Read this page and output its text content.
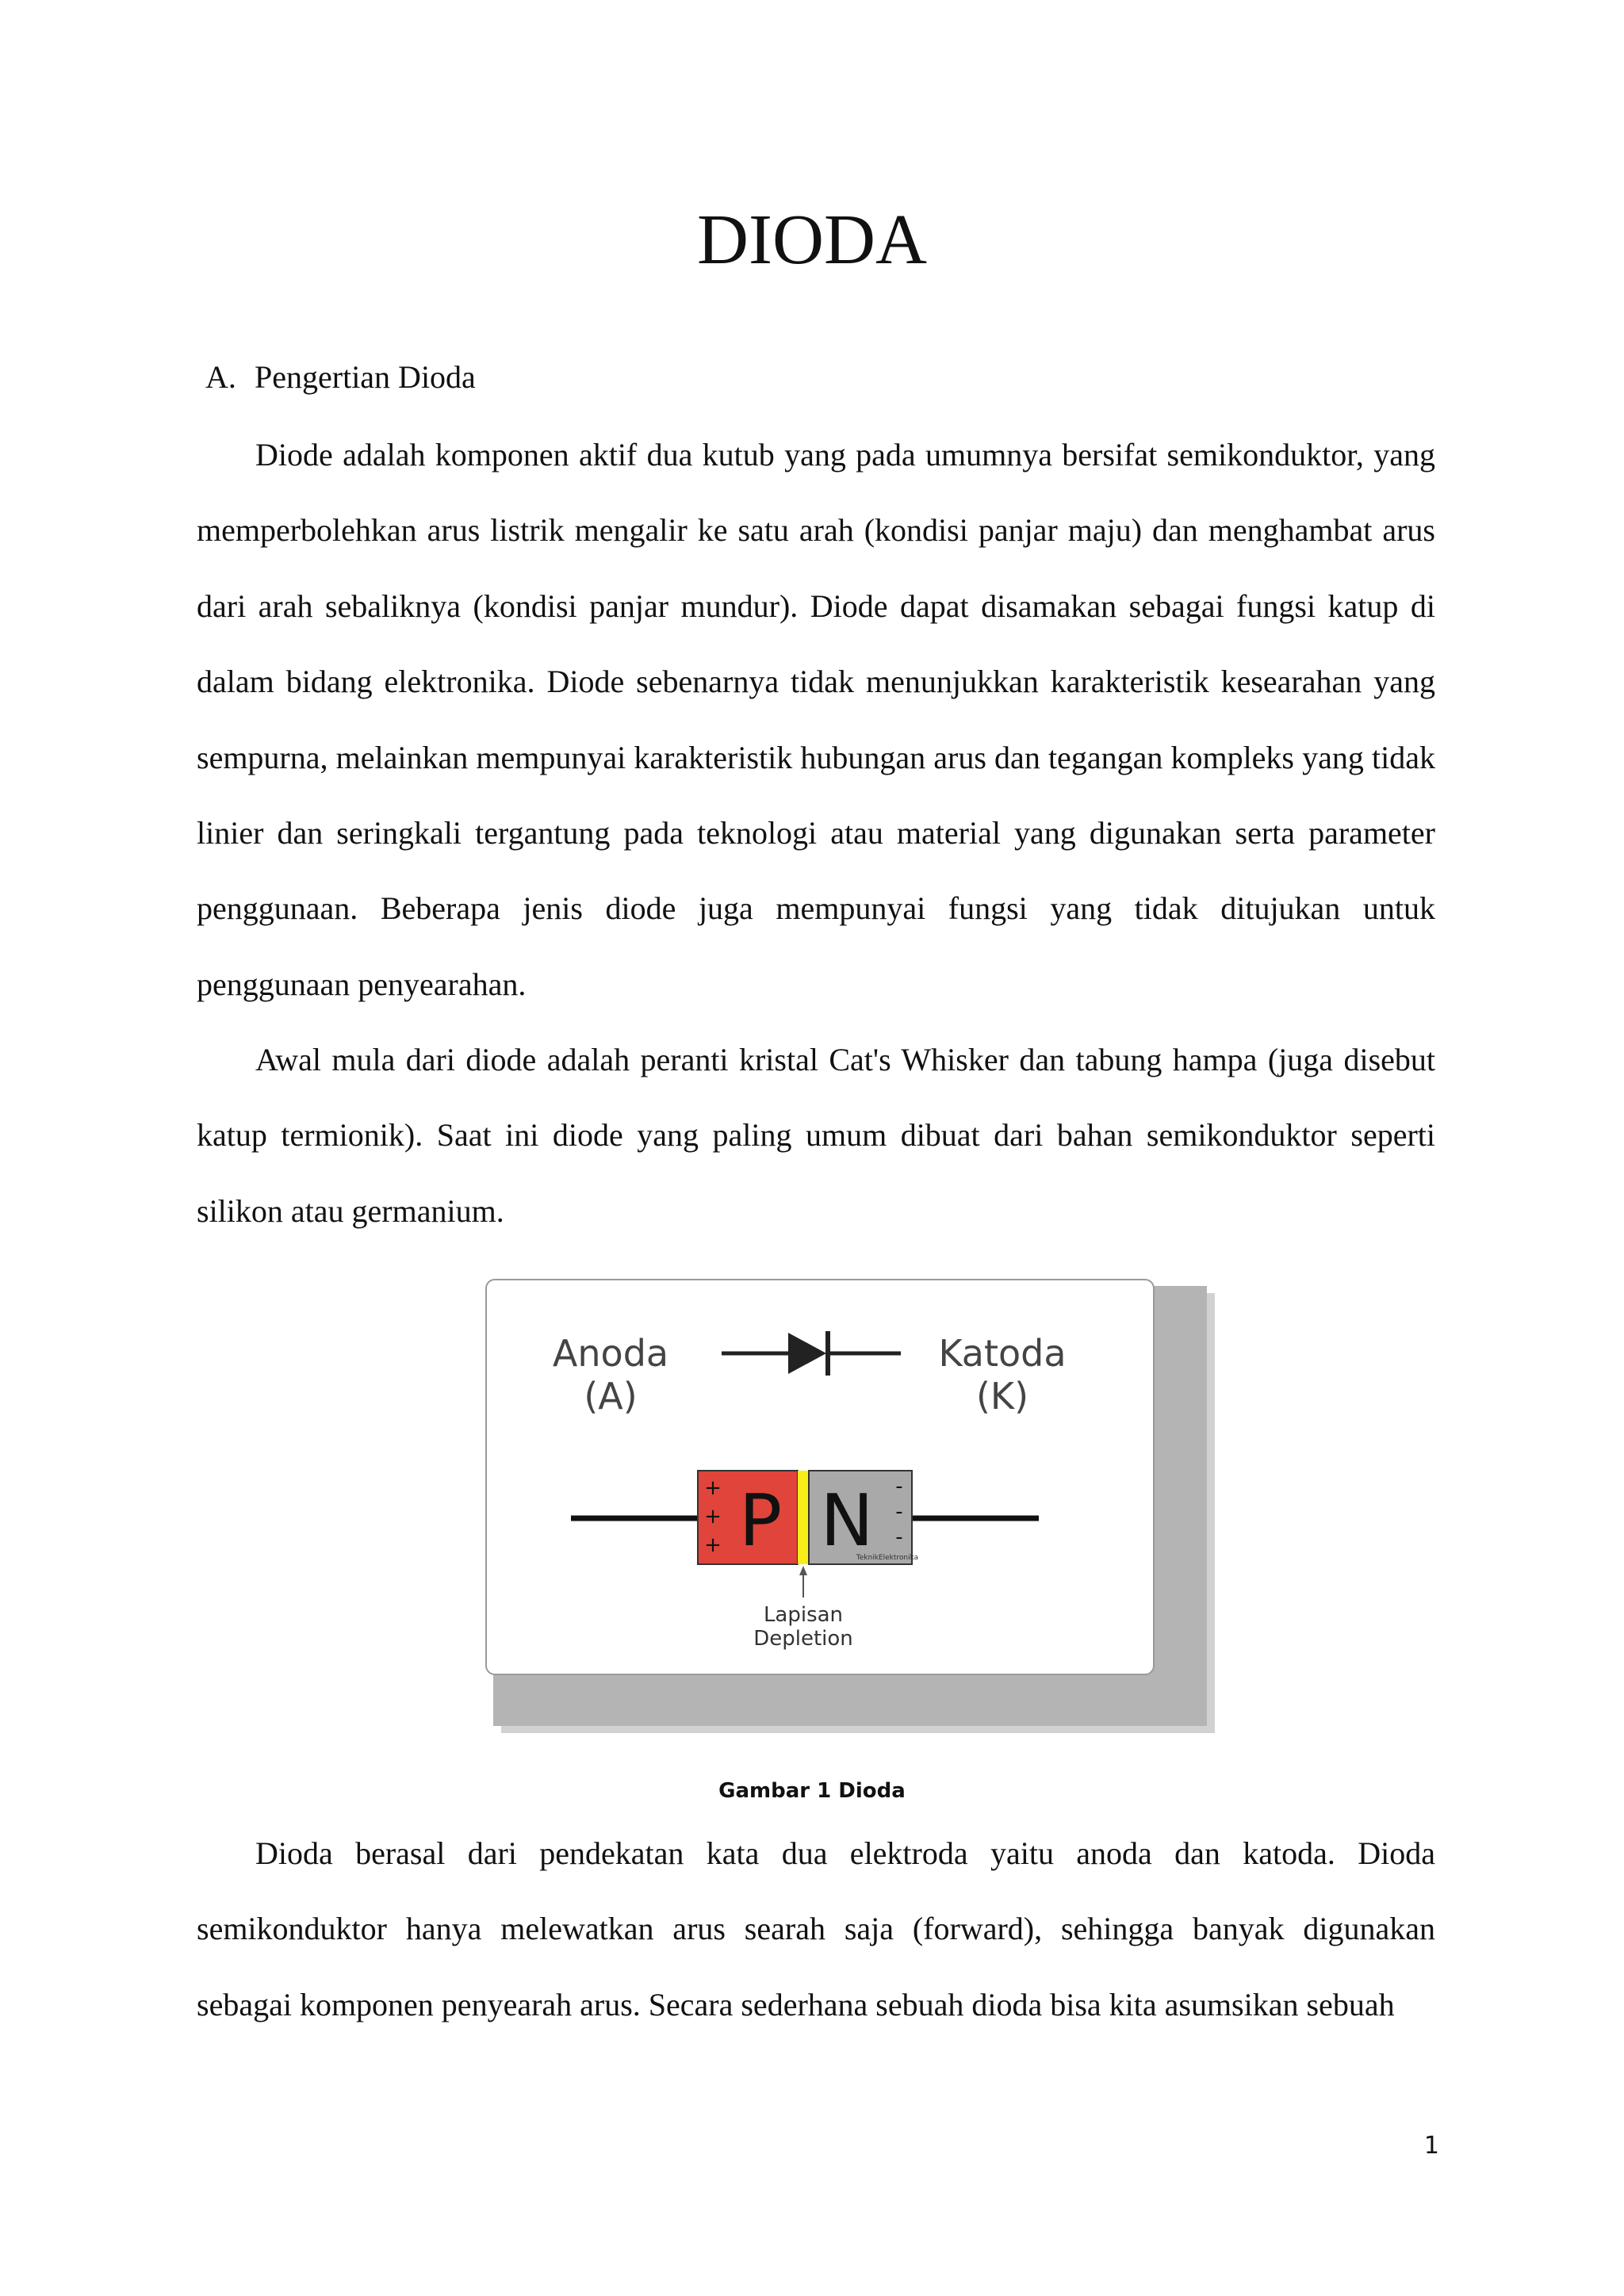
DIODA
A. Pengertian Dioda

Diode adalah komponen aktif dua kutub yang pada umumnya bersifat semikonduktor, yang memperbolehkan arus listrik mengalir ke satu arah (kondisi panjar maju) dan menghambat arus dari arah sebaliknya (kondisi panjar mundur). Diode dapat disamakan sebagai fungsi katup di dalam bidang elektronika. Diode sebenarnya tidak menunjukkan karakteristik kesearahan yang sempurna, melainkan mempunyai karakteristik hubungan arus dan tegangan kompleks yang tidak linier dan seringkali tergantung pada teknologi atau material yang digunakan serta parameter penggunaan. Beberapa jenis diode juga mempunyai fungsi yang tidak ditujukan untuk penggunaan penyearahan.

Awal mula dari diode adalah peranti kristal Cat's Whisker dan tabung hampa (juga disebut katup termionik). Saat ini diode yang paling umum dibuat dari bahan semikonduktor seperti silikon atau germanium.

Anoda
(A)
Katoda
(K)
+
+
+ P N -
-
-
TeknikElektronika
Lapisan
Depletion
Gambar 1 Dioda

Dioda berasal dari pendekatan kata dua elektroda yaitu anoda dan katoda. Dioda semikonduktor hanya melewatkan arus searah saja (forward), sehingga banyak digunakan sebagai komponen penyearah arus. Secara sederhana sebuah dioda bisa kita asumsikan sebuah

1
